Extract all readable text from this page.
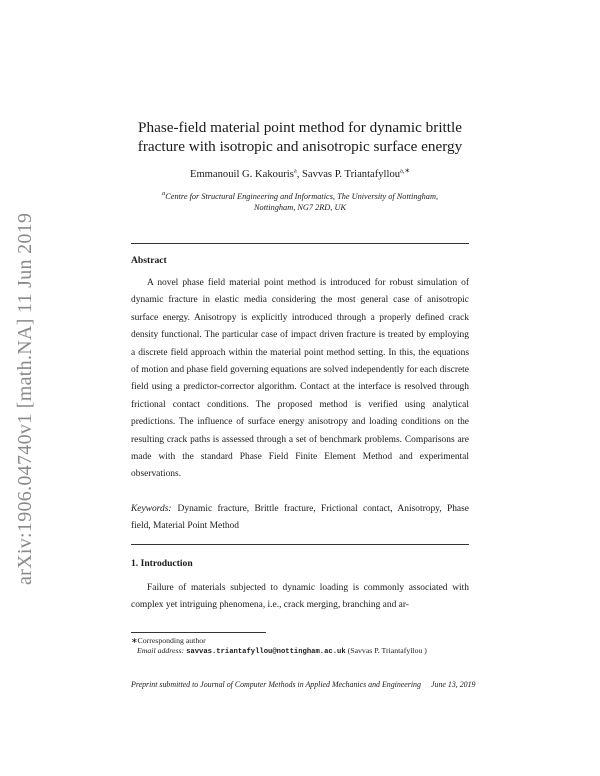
arXiv:1906.04740v1 [math.NA] 11 Jun 2019
Phase-field material point method for dynamic brittle
fracture with isotropic and anisotropic surface energy
Emmanouil G. Kakouris$^a$, Savvas P. Triantafyllou$^{a,∗}$
$^a$Centre for Structural Engineering and Informatics, The University of Nottingham,
Nottingham, NG7 2RD, UK
Abstract
A novel phase field material point method is introduced for robust simulation of dynamic fracture in elastic media considering the most general case of anisotropic surface energy. Anisotropy is explicitly introduced through a properly defined crack density functional. The particular case of impact driven fracture is treated by employing a discrete field approach within the material point method setting. In this, the equations of motion and phase field governing equations are solved independently for each discrete field using a predictor-corrector algorithm. Contact at the interface is resolved through frictional contact conditions. The proposed method is verified using analytical predictions. The influence of surface energy anisotropy and loading conditions on the resulting crack paths is assessed through a set of benchmark problems. Comparisons are made with the standard Phase Field Finite Element Method and experimental observations.
Keywords: Dynamic fracture, Brittle fracture, Frictional contact, Anisotropy, Phase field, Material Point Method
1. Introduction
Failure of materials subjected to dynamic loading is commonly associated with complex yet intriguing phenomena, i.e., crack merging, branching and ar-
∗Corresponding author
Email address: savvas.triantafyllou@nottingham.ac.uk (Savvas P. Triantafyllou )
Preprint submitted to Journal of Computer Methods in Applied Mechanics and Engineering	June 13, 2019
